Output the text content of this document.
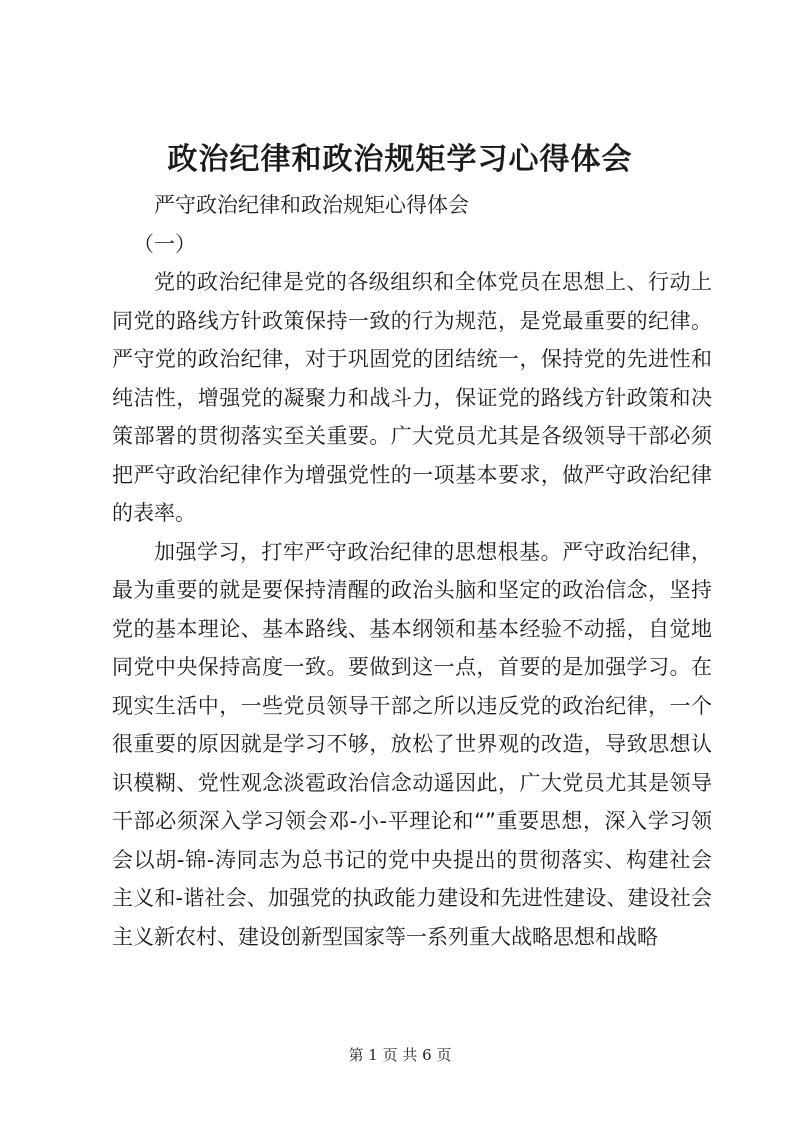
政治纪律和政治规矩学习心得体会

严守政治纪律和政治规矩心得体会

（一）

党的政治纪律是党的各级组织和全体党员在思想上、行动上同党的路线方针政策保持一致的行为规范，是党最重要的纪律。严守党的政治纪律，对于巩固党的团结统一，保持党的先进性和纯洁性，增强党的凝聚力和战斗力，保证党的路线方针政策和决策部署的贯彻落实至关重要。广大党员尤其是各级领导干部必须把严守政治纪律作为增强党性的一项基本要求，做严守政治纪律的表率。

加强学习，打牢严守政治纪律的思想根基。严守政治纪律，最为重要的就是要保持清醒的政治头脑和坚定的政治信念，坚持党的基本理论、基本路线、基本纲领和基本经验不动摇，自觉地同党中央保持高度一致。要做到这一点，首要的是加强学习。在现实生活中，一些党员领导干部之所以违反党的政治纪律，一个很重要的原因就是学习不够，放松了世界观的改造，导致思想认识模糊、党性观念淡雹政治信念动遥因此，广大党员尤其是领导干部必须深入学习领会邓-小-平理论和“”重要思想，深入学习领会以胡-锦-涛同志为总书记的党中央提出的贯彻落实、构建社会主义和-谐社会、加强党的执政能力建设和先进性建设、建设社会主义新农村、建设创新型国家等一系列重大战略思想和战略

第 1 页 共 6 页
